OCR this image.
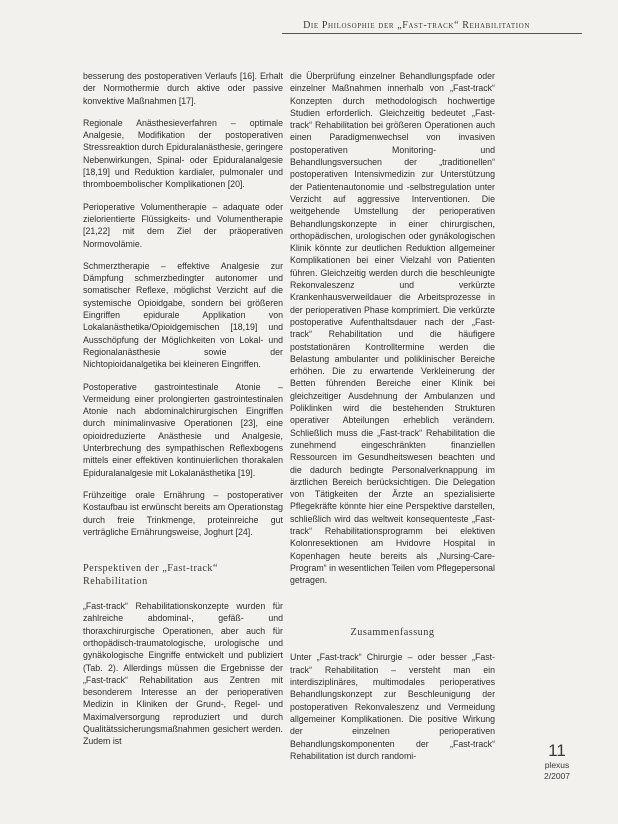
Die Philosophie der „Fast-track“ Rehabilitation

besserung des postoperativen Verlaufs [16]. Erhalt der Normothermie durch aktive oder passive konvektive Maßnahmen [17].

Regionale Anästhesieverfahren – optimale Analgesie, Modifikation der postoperativen Stressreaktion durch Epiduralanästhesie, geringere Nebenwirkungen, Spinal- oder Epiduralanalgesie [18,19] und Reduktion kardialer, pulmonaler und thromboembolischer Komplikationen [20].

Perioperative Volumentherapie – adaquate oder zielorientierte Flüssigkeits- und Volumentherapie [21,22] mit dem Ziel der präoperativen Normovolämie.

Schmerztherapie – effektive Analgesie zur Dämpfung schmerzbedingter autonomer und somatischer Reflexe, möglichst Verzicht auf die systemische Opioidgabe, sondern bei größeren Eingriffen epidurale Applikation von Lokalanästhetika/Opioidgemischen [18,19] und Ausschöpfung der Möglichkeiten von Lokal- und Regionalanästhesie sowie der Nichtopioidanalgetika bei kleineren Eingriffen.

Postoperative gastrointestinale Atonie – Vermeidung einer prolongierten gastrointestinalen Atonie nach abdominalchirurgischen Eingriffen durch minimalinvasive Operationen [23], eine opioidreduzierte Anästhesie und Analgesie, Unterbrechung des sympathischen Reflexbogens mittels einer effektiven kontinuierlichen thorakalen Epiduralanalgesie mit Lokalanästhetika [19].

Frühzeitige orale Ernährung – postoperativer Kostaufbau ist erwünscht bereits am Operationstag durch freie Trinkmenge, proteinreiche gut verträgliche Ernährungsweise, Joghurt [24].

Perspektiven der „Fast-track“
Rehabilitation

„Fast-track“ Rehabilitationskonzepte wurden für zahlreiche abdominal-, gefäß- und thoraxchirurgische Operationen, aber auch für orthopädisch-traumatologische, urologische und gynäkologische Eingriffe entwickelt und publiziert (Tab. 2). Allerdings müssen die Ergebnisse der „Fast-track“ Rehabilitation aus Zentren mit besonderem Interesse an der perioperativen Medizin in Kliniken der Grund-, Regel- und Maximalversorgung reproduziert und durch Qualitätssicherungsmaßnahmen gesichert werden. Zudem ist

die Überprüfung einzelner Behandlungspfade oder einzelner Maßnahmen innerhalb von „Fast-track“ Konzepten durch methodologisch hochwertige Studien erforderlich. Gleichzeitig bedeutet „Fast-track“ Rehabilitation bei größeren Operationen auch einen Paradigmenwechsel von invasiven postoperativen Monitoring- und Behandlungsversuchen der „traditionellen“ postoperativen Intensivmedizin zur Unterstützung der Patientenautonomie und -selbstregulation unter Verzicht auf aggressive Interventionen. Die weitgehende Umstellung der perioperativen Behandlungskonzepte in einer chirurgischen, orthopädischen, urologischen oder gynäkologischen Klinik könnte zur deutlichen Reduktion allgemeiner Komplikationen bei einer Vielzahl von Patienten führen. Gleichzeitig werden durch die beschleunigte Rekonvaleszenz und verkürzte Krankenhausverweildauer die Arbeitsprozesse in der perioperativen Phase komprimiert. Die verkürzte postoperative Aufenthaltsdauer nach der „Fast-track“ Rehabilitation und die häufigere poststationären Kontrolltermine werden die Belastung ambulanter und poliklinischer Bereiche erhöhen. Die zu erwartende Verkleinerung der Betten führenden Bereiche einer Klinik bei gleichzeitiger Ausdehnung der Ambulanzen und Poliklinken wird die bestehenden Strukturen operativer Abteilungen erheblich verändern. Schließlich muss die „Fast-track“ Rehabilitation die zunehmend eingeschränkten finanziellen Ressourcen im Gesundheitswesen beachten und die dadurch bedingte Personalverknappung im ärztlichen Bereich berücksichtigen. Die Delegation von Tätigkeiten der Ärzte an spezialisierte Pflegekräfte könnte hier eine Perspektive darstellen, schließlich wird das weltweit konsequenteste „Fast-track“ Rehabilitationsprogramm bei elektiven Kolonresektionen am Hvidovre Hospital in Kopenhagen heute bereits als „Nursing-Care-Program“ in wesentlichen Teilen vom Pflegepersonal getragen.

Zusammenfassung

Unter „Fast-track“ Chirurgie – oder besser „Fast-track“ Rehabilitation – versteht man ein interdisziplinäres, multimodales perioperatives Behandlungskonzept zur Beschleunigung der postoperativen Rekonvaleszenz und Vermeidung allgemeiner Komplikationen. Die positive Wirkung der einzelnen perioperativen Behandlungskomponenten der „Fast-track“ Rehabilitation ist durch randomi-	11
plexus
2/2007
